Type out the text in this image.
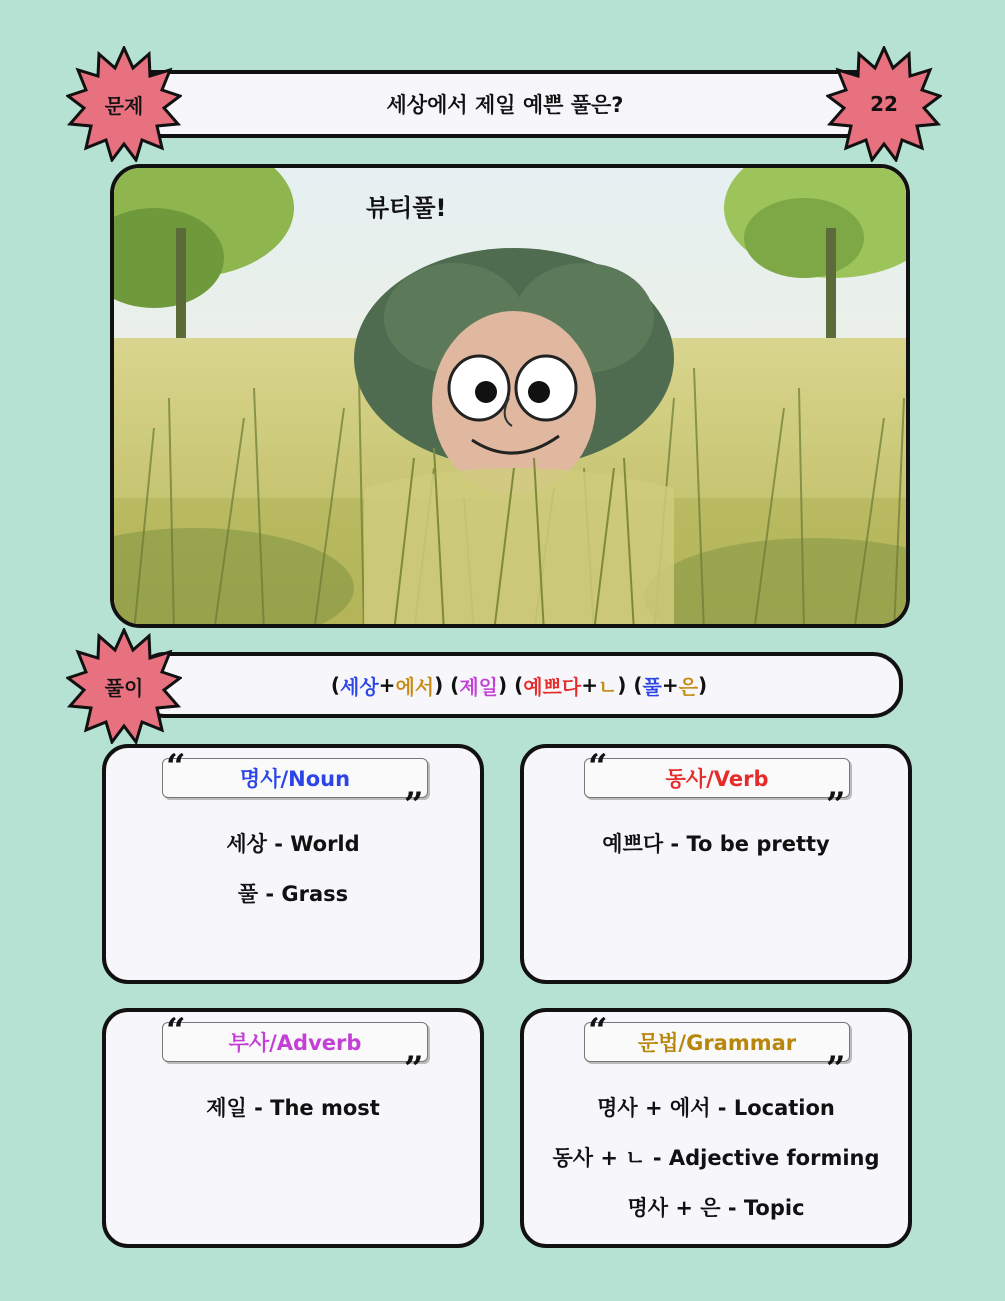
세상에서 제일 예쁜 풀은?
문제	22
뷰티풀!
( 세상 + 에서 ) ( 제일 ) ( 예쁘다 + ㄴ ) ( 풀 + 은 )
풀이
명사/Noun
“
”
세상 - World
풀 - Grass
동사/Verb
“
”
예쁘다 - To be pretty
부사/Adverb
“
”
제일 - The most
문법/Grammar
“
”
명사 + 에서 - Location
동사 + ㄴ - Adjective forming
명사 + 은 - Topic
